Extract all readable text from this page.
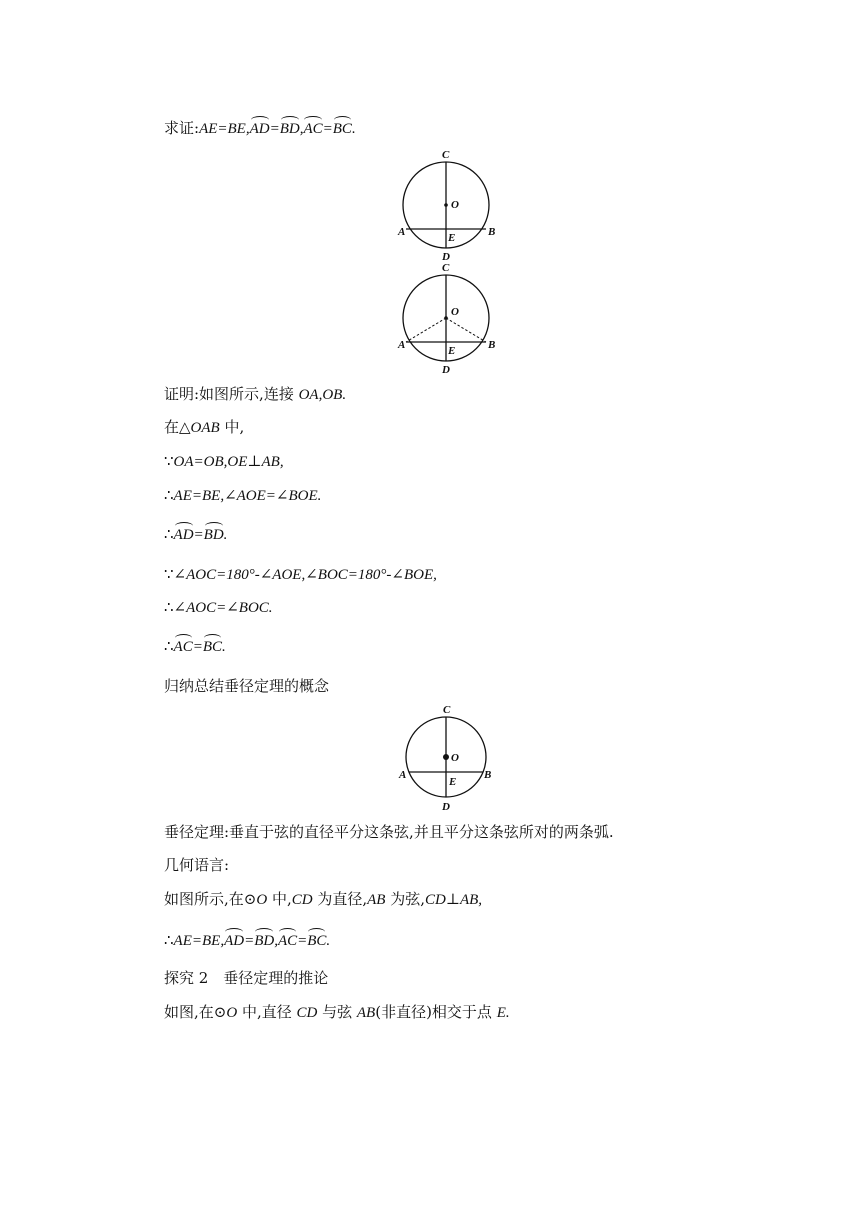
求证:AE=BE,AD=BD,AC=BC.
C
O
A	B
E
D
C
O
A	B
E
D
证明:如图所示,连接 OA,OB.
在△OAB 中,
∵OA=OB,OE⊥AB,
∴AE=BE,∠AOE=∠BOE.
∴AD=BD.
∵∠AOC=180°-∠AOE,∠BOC=180°-∠BOE,
∴∠AOC=∠BOC.
∴AC=BC.
归纳总结垂径定理的概念
C
O
A	B
E
D
垂径定理:垂直于弦的直径平分这条弦,并且平分这条弦所对的两条弧.
几何语言:
如图所示,在⊙O 中,CD 为直径,AB 为弦,CD⊥AB,
∴AE=BE,AD=BD,AC=BC.
探究 2　垂径定理的推论
如图,在⊙O 中,直径 CD 与弦 AB(非直径)相交于点 E.
